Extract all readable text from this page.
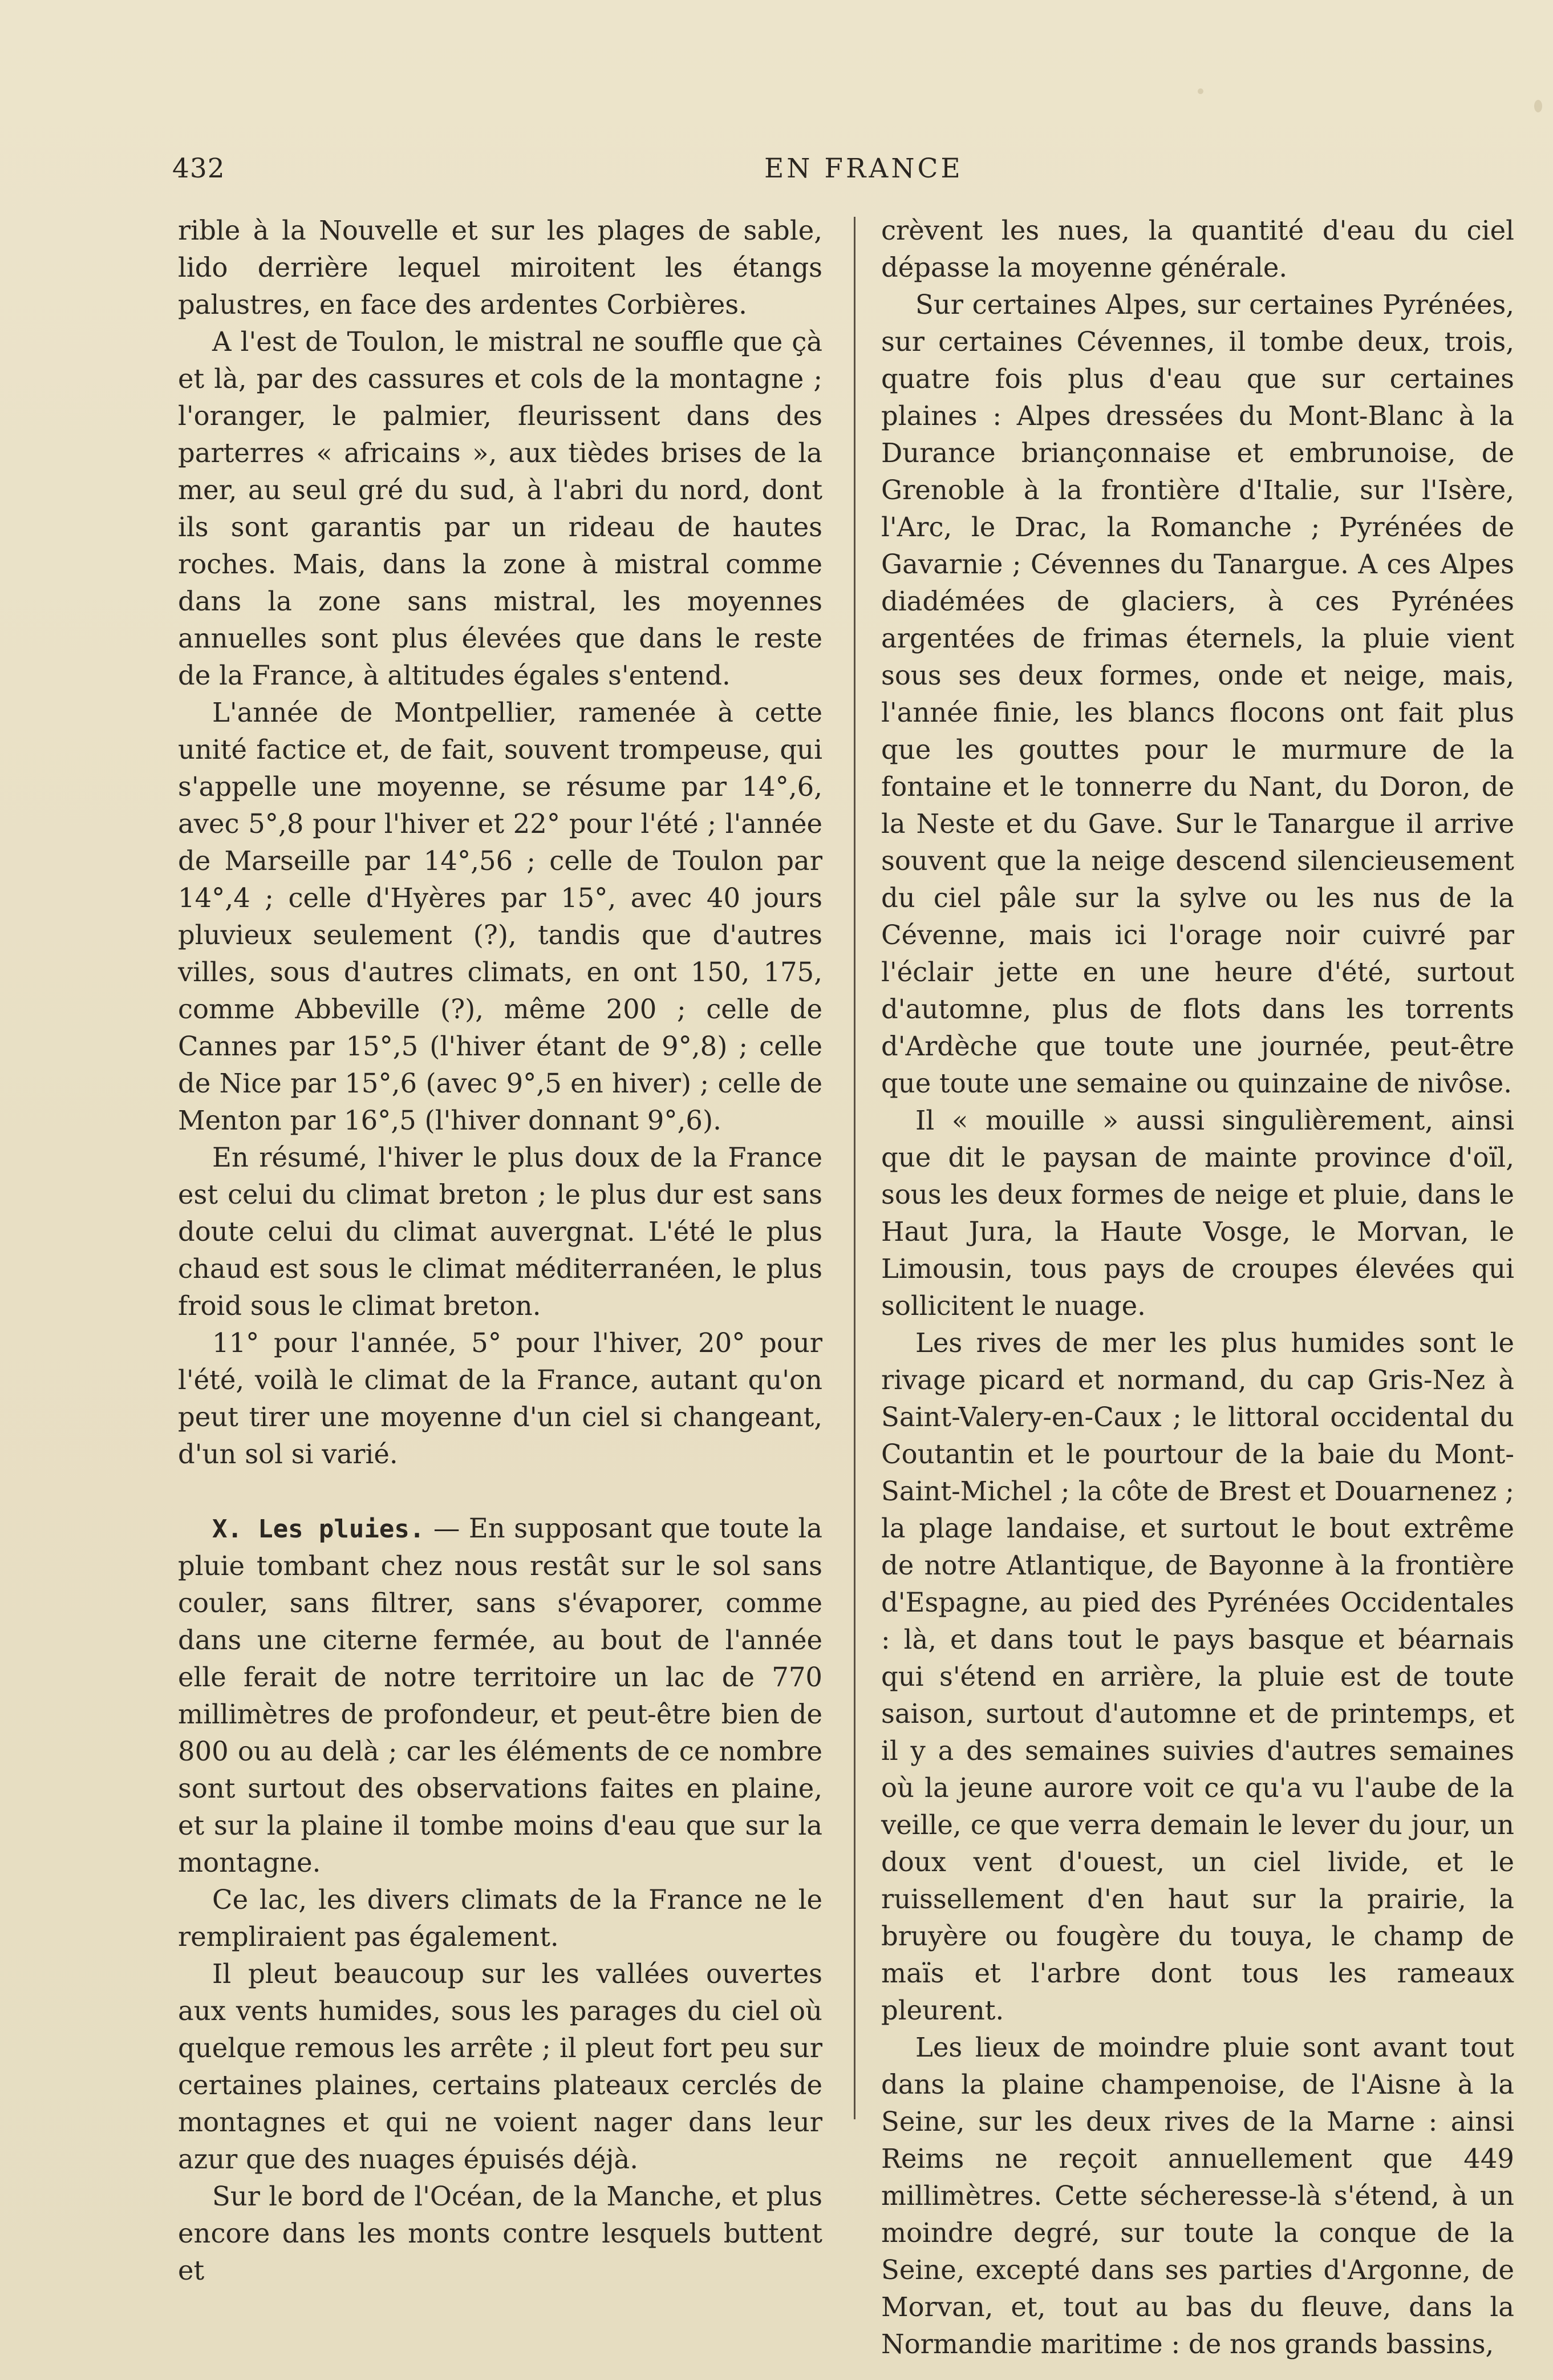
432	EN FRANCE

rible à la Nouvelle et sur les plages de sable, lido derrière lequel miroitent les étangs palustres, en face des ardentes Corbières.

A l'est de Toulon, le mistral ne souffle que çà et là, par des cassures et cols de la montagne ; l'oranger, le palmier, fleurissent dans des parterres « africains », aux tièdes brises de la mer, au seul gré du sud, à l'abri du nord, dont ils sont garantis par un rideau de hautes roches. Mais, dans la zone à mistral comme dans la zone sans mistral, les moyennes annuelles sont plus élevées que dans le reste de la France, à altitudes égales s'entend.

L'année de Montpellier, ramenée à cette unité factice et, de fait, souvent trompeuse, qui s'appelle une moyenne, se résume par 14°,6, avec 5°,8 pour l'hiver et 22° pour l'été ; l'année de Marseille par 14°,56 ; celle de Toulon par 14°,4 ; celle d'Hyères par 15°, avec 40 jours pluvieux seulement (?), tandis que d'autres villes, sous d'autres climats, en ont 150, 175, comme Abbeville (?), même 200 ; celle de Cannes par 15°,5 (l'hiver étant de 9°,8) ; celle de Nice par 15°,6 (avec 9°,5 en hiver) ; celle de Menton par 16°,5 (l'hiver donnant 9°,6).

En résumé, l'hiver le plus doux de la France est celui du climat breton ; le plus dur est sans doute celui du climat auvergnat. L'été le plus chaud est sous le climat méditerranéen, le plus froid sous le climat breton.

11° pour l'année, 5° pour l'hiver, 20° pour l'été, voilà le climat de la France, autant qu'on peut tirer une moyenne d'un ciel si changeant, d'un sol si varié.

X. Les pluies. — En supposant que toute la pluie tombant chez nous restât sur le sol sans couler, sans filtrer, sans s'évaporer, comme dans une citerne fermée, au bout de l'année elle ferait de notre territoire un lac de 770 millimètres de profondeur, et peut-être bien de 800 ou au delà ; car les éléments de ce nombre sont surtout des observations faites en plaine, et sur la plaine il tombe moins d'eau que sur la montagne.

Ce lac, les divers climats de la France ne le rempliraient pas également.

Il pleut beaucoup sur les vallées ouvertes aux vents humides, sous les parages du ciel où quelque remous les arrête ; il pleut fort peu sur certaines plaines, certains plateaux cerclés de montagnes et qui ne voient nager dans leur azur que des nuages épuisés déjà.

Sur le bord de l'Océan, de la Manche, et plus encore dans les monts contre lesquels buttent et

crèvent les nues, la quantité d'eau du ciel dépasse la moyenne générale.

Sur certaines Alpes, sur certaines Pyrénées, sur certaines Cévennes, il tombe deux, trois, quatre fois plus d'eau que sur certaines plaines : Alpes dressées du Mont-Blanc à la Durance briançonnaise et embrunoise, de Grenoble à la frontière d'Italie, sur l'Isère, l'Arc, le Drac, la Romanche ; Pyrénées de Gavarnie ; Cévennes du Tanargue. A ces Alpes diadémées de glaciers, à ces Pyrénées argentées de frimas éternels, la pluie vient sous ses deux formes, onde et neige, mais, l'année finie, les blancs flocons ont fait plus que les gouttes pour le murmure de la fontaine et le tonnerre du Nant, du Doron, de la Neste et du Gave. Sur le Tanargue il arrive souvent que la neige descend silencieusement du ciel pâle sur la sylve ou les nus de la Cévenne, mais ici l'orage noir cuivré par l'éclair jette en une heure d'été, surtout d'automne, plus de flots dans les torrents d'Ardèche que toute une journée, peut-être que toute une semaine ou quinzaine de nivôse.

Il « mouille » aussi singulièrement, ainsi que dit le paysan de mainte province d'oïl, sous les deux formes de neige et pluie, dans le Haut Jura, la Haute Vosge, le Morvan, le Limousin, tous pays de croupes élevées qui sollicitent le nuage.

Les rives de mer les plus humides sont le rivage picard et normand, du cap Gris-Nez à Saint-Valery-en-Caux ; le littoral occidental du Coutantin et le pourtour de la baie du Mont-Saint-Michel ; la côte de Brest et Douarnenez ; la plage landaise, et surtout le bout extrême de notre Atlantique, de Bayonne à la frontière d'Espagne, au pied des Pyrénées Occidentales : là, et dans tout le pays basque et béarnais qui s'étend en arrière, la pluie est de toute saison, surtout d'automne et de printemps, et il y a des semaines suivies d'autres semaines où la jeune aurore voit ce qu'a vu l'aube de la veille, ce que verra demain le lever du jour, un doux vent d'ouest, un ciel livide, et le ruissellement d'en haut sur la prairie, la bruyère ou fougère du touya, le champ de maïs et l'arbre dont tous les rameaux pleurent.

Les lieux de moindre pluie sont avant tout dans la plaine champenoise, de l'Aisne à la Seine, sur les deux rives de la Marne : ainsi Reims ne reçoit annuellement que 449 millimètres. Cette sécheresse-là s'étend, à un moindre degré, sur toute la conque de la Seine, excepté dans ses parties d'Argonne, de Morvan, et, tout au bas du fleuve, dans la Normandie maritime : de nos grands bassins,
